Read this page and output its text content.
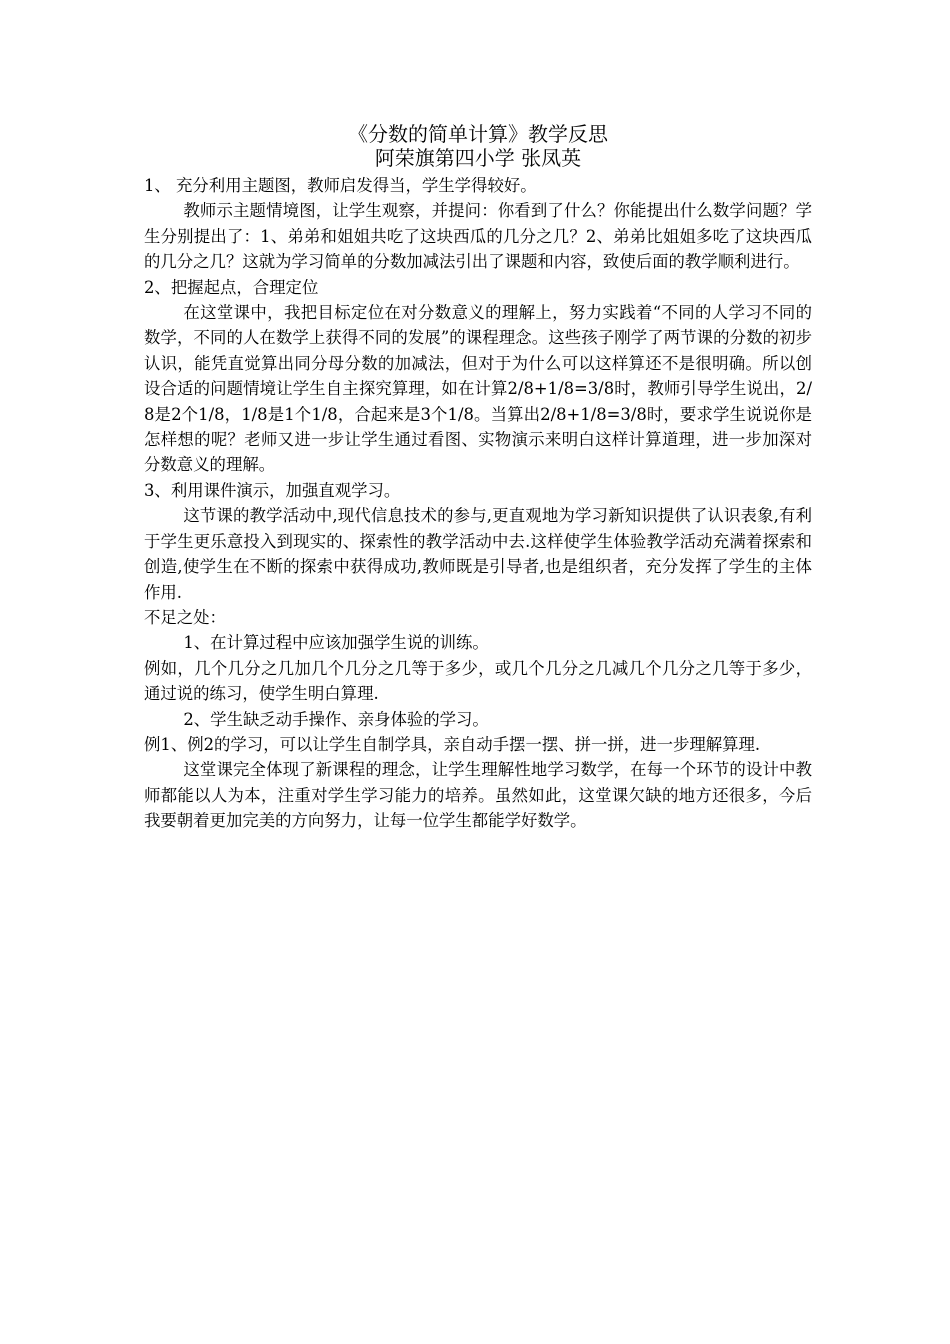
《分数的简单计算》教学反思

阿荣旗第四小学 张凤英

1、 充分利用主题图，教师启发得当，学生学得较好。

教师示主题情境图，让学生观察，并提问：你看到了什么？你能提出什么数学问题？学生分别提出了：1、弟弟和姐姐共吃了这块西瓜的几分之几？2、弟弟比姐姐多吃了这块西瓜的几分之几？这就为学习简单的分数加减法引出了课题和内容，致使后面的教学顺利进行。

2、把握起点，合理定位

在这堂课中，我把目标定位在对分数意义的理解上，努力实践着“不同的人学习不同的数学，不同的人在数学上获得不同的发展”的课程理念。这些孩子刚学了两节课的分数的初步认识，能凭直觉算出同分母分数的加减法，但对于为什么可以这样算还不是很明确。所以创设合适的问题情境让学生自主探究算理，如在计算2/8+1/8=3/8时，教师引导学生说出，2/8是2个1/8，1/8是1个1/8，合起来是3个1/8。当算出2/8+1/8=3/8时，要求学生说说你是怎样想的呢？老师又进一步让学生通过看图、实物演示来明白这样计算道理，进一步加深对分数意义的理解。

3、利用课件演示，加强直观学习。

这节课的教学活动中,现代信息技术的参与,更直观地为学习新知识提供了认识表象,有利于学生更乐意投入到现实的、探索性的教学活动中去.这样使学生体验教学活动充满着探索和创造,使学生在不断的探索中获得成功,教师既是引导者,也是组织者，充分发挥了学生的主体作用.

不足之处：

1、在计算过程中应该加强学生说的训练。

例如，几个几分之几加几个几分之几等于多少，或几个几分之几减几个几分之几等于多少，通过说的练习，使学生明白算理.

2、学生缺乏动手操作、亲身体验的学习。

例1、例2的学习，可以让学生自制学具，亲自动手摆一摆、拼一拼，进一步理解算理.

这堂课完全体现了新课程的理念，让学生理解性地学习数学，在每一个环节的设计中教师都能以人为本，注重对学生学习能力的培养。虽然如此，这堂课欠缺的地方还很多，今后我要朝着更加完美的方向努力，让每一位学生都能学好数学。
